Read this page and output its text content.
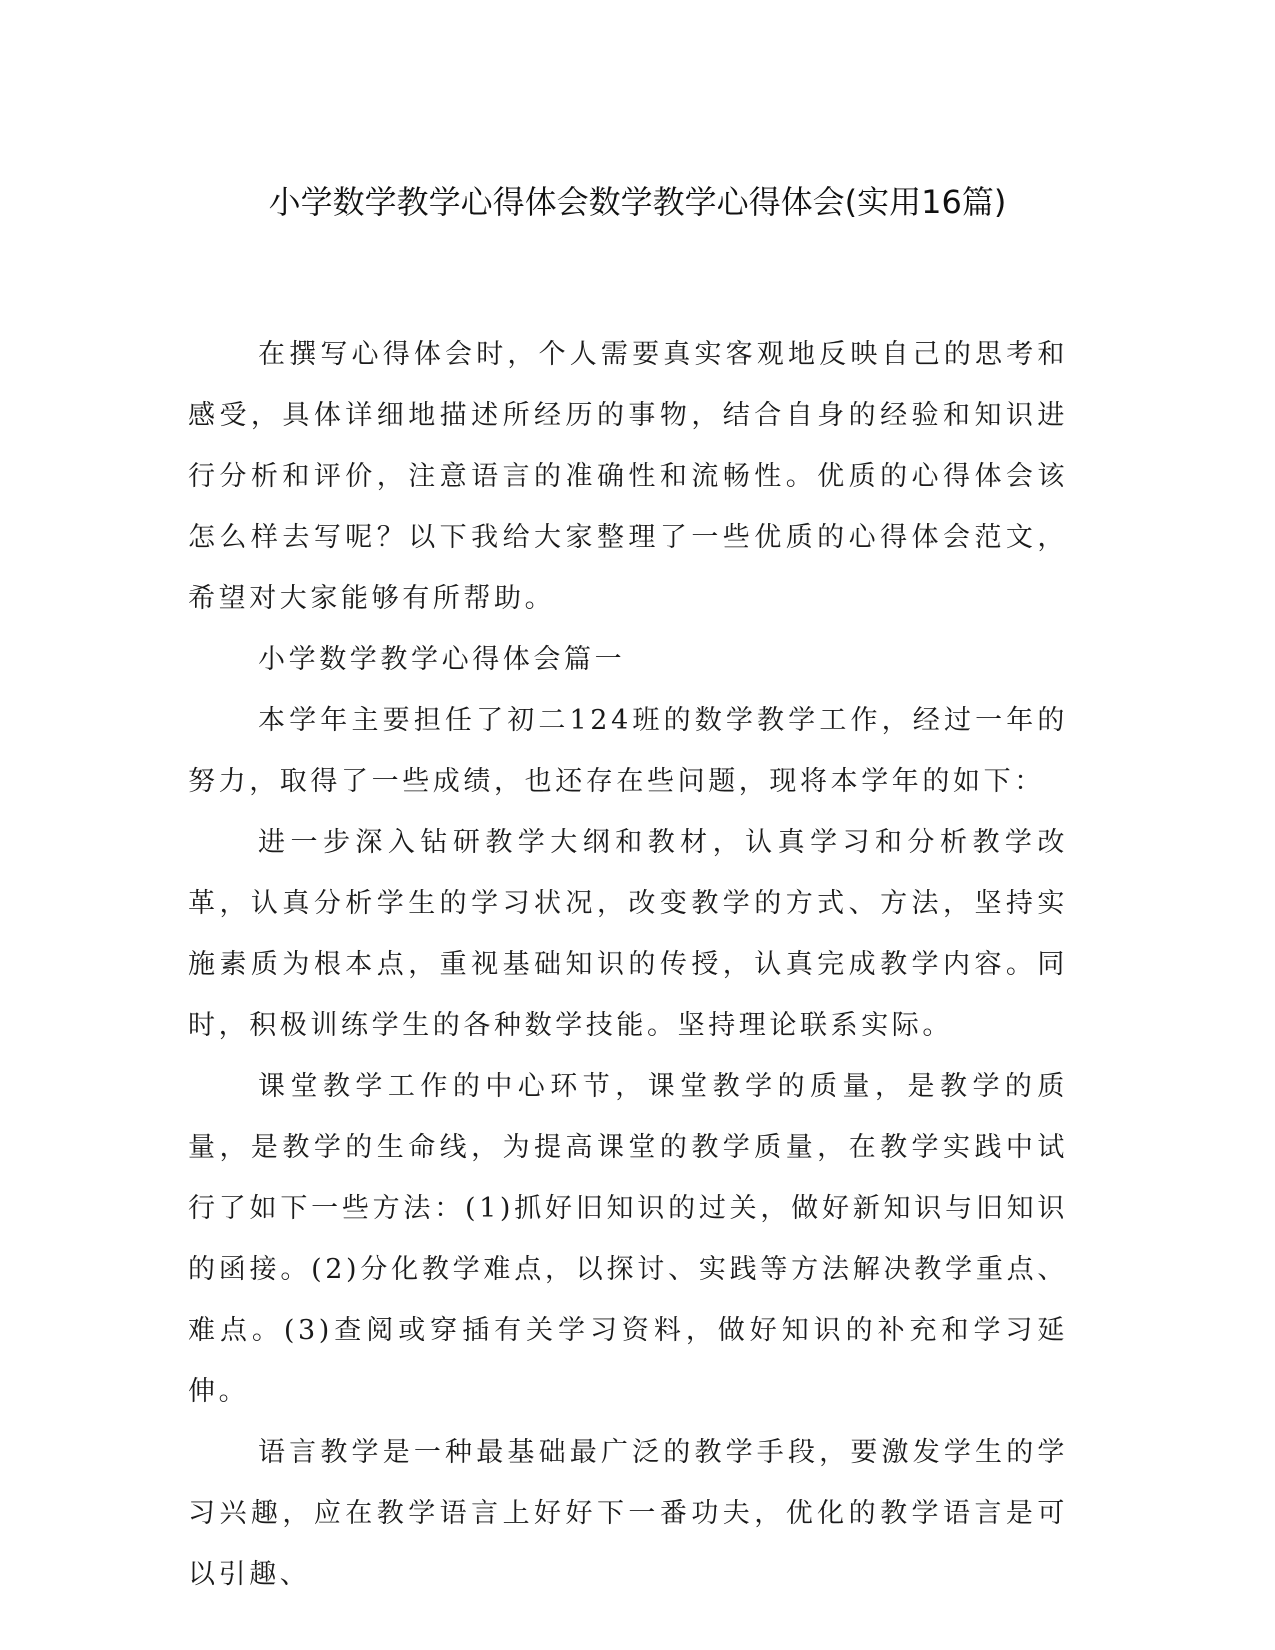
小学数学教学心得体会数学教学心得体会(实用16篇)

在撰写心得体会时，个人需要真实客观地反映自己的思考和感受，具体详细地描述所经历的事物，结合自身的经验和知识进行分析和评价，注意语言的准确性和流畅性。优质的心得体会该怎么样去写呢？以下我给大家整理了一些优质的心得体会范文，希望对大家能够有所帮助。

小学数学教学心得体会篇一

本学年主要担任了初二124班的数学教学工作，经过一年的努力，取得了一些成绩，也还存在些问题，现将本学年的如下：

进一步深入钻研教学大纲和教材，认真学习和分析教学改革，认真分析学生的学习状况，改变教学的方式、方法，坚持实施素质为根本点，重视基础知识的传授，认真完成教学内容。同时，积极训练学生的各种数学技能。坚持理论联系实际。

课堂教学工作的中心环节，课堂教学的质量，是教学的质量，是教学的生命线，为提高课堂的教学质量，在教学实践中试行了如下一些方法：(1)抓好旧知识的过关，做好新知识与旧知识的函接。(2)分化教学难点，以探讨、实践等方法解决教学重点、难点。(3)查阅或穿插有关学习资料，做好知识的补充和学习延伸。

语言教学是一种最基础最广泛的教学手段，要激发学生的学习兴趣，应在教学语言上好好下一番功夫，优化的教学语言是可以引趣、
